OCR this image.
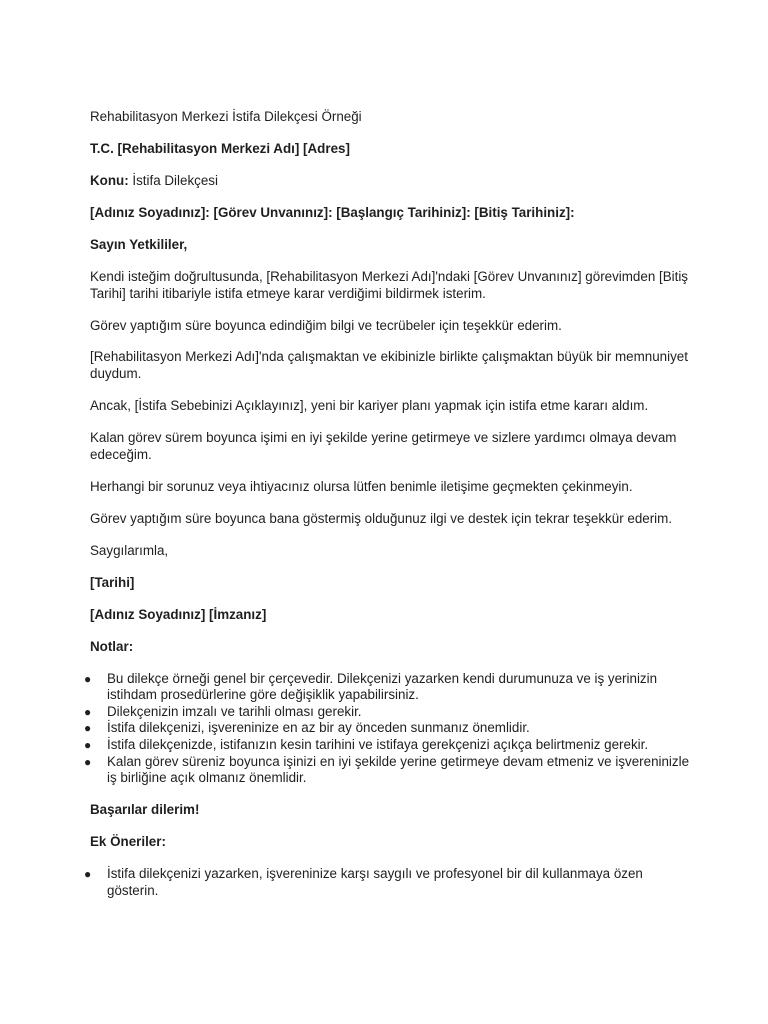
Rehabilitasyon Merkezi İstifa Dilekçesi Örneği

T.C. [Rehabilitasyon Merkezi Adı] [Adres]

Konu: İstifa Dilekçesi

[Adınız Soyadınız]: [Görev Unvanınız]: [Başlangıç Tarihiniz]: [Bitiş Tarihiniz]:

Sayın Yetkililer,

Kendi isteğim doğrultusunda, [Rehabilitasyon Merkezi Adı]'ndaki [Görev Unvanınız] görevimden [Bitiş Tarihi] tarihi itibariyle istifa etmeye karar verdiğimi bildirmek isterim.

Görev yaptığım süre boyunca edindiğim bilgi ve tecrübeler için teşekkür ederim.

[Rehabilitasyon Merkezi Adı]'nda çalışmaktan ve ekibinizle birlikte çalışmaktan büyük bir memnuniyet duydum.

Ancak, [İstifa Sebebinizi Açıklayınız], yeni bir kariyer planı yapmak için istifa etme kararı aldım.

Kalan görev sürem boyunca işimi en iyi şekilde yerine getirmeye ve sizlere yardımcı olmaya devam edeceğim.

Herhangi bir sorunuz veya ihtiyacınız olursa lütfen benimle iletişime geçmekten çekinmeyin.

Görev yaptığım süre boyunca bana göstermiş olduğunuz ilgi ve destek için tekrar teşekkür ederim.

Saygılarımla,

[Tarihi]

[Adınız Soyadınız] [İmzanız]

Notlar:

● Bu dilekçe örneği genel bir çerçevedir. Dilekçenizi yazarken kendi durumunuza ve iş yerinizin istihdam prosedürlerine göre değişiklik yapabilirsiniz.
● Dilekçenizin imzalı ve tarihli olması gerekir.
● İstifa dilekçenizi, işvereninize en az bir ay önceden sunmanız önemlidir.
● İstifa dilekçenizde, istifanızın kesin tarihini ve istifaya gerekçenizi açıkça belirtmeniz gerekir.
● Kalan görev süreniz boyunca işinizi en iyi şekilde yerine getirmeye devam etmeniz ve işvereninizle iş birliğine açık olmanız önemlidir.

Başarılar dilerim!

Ek Öneriler:

● İstifa dilekçenizi yazarken, işvereninize karşı saygılı ve profesyonel bir dil kullanmaya özen gösterin.
